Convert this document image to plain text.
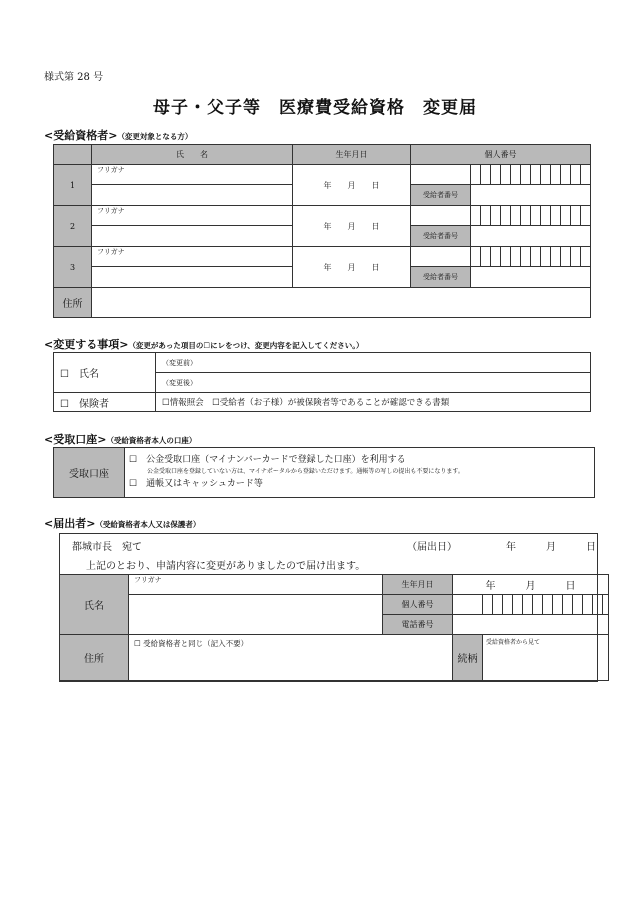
様式第 28 号
母子・父子等　医療費受給資格　変更届
<受給資格者>（変更対象となる方）
	氏　　名	生年月日	個人番号												
1	フリガナ	年　　月　　日													
			受給者番号												
2	フリガナ	年　　月　　日													
			受給者番号												
3	フリガナ	年　　月　　日													
			受給者番号												
住所															
<変更する事項>（変更があった項目の☐にレをつけ、変更内容を記入してください。）
☐　氏名	（変更前）
	（変更後）
☐　保険者	☐情報照会　☐受給者（お子様）が被保険者等であることが確認できる書類
<受取口座>（受給資格者本人の口座）
受取口座	
☐　公金受取口座（マイナンバーカードで登録した口座）を利用する
公金受取口座を登録していない方は、マイナポータルから登録いただけます。通帳等の写しの提出も不要になります。
☐　通帳又はキャッシュカード等
<届出者>（受給資格者本人又は保護者）
都城市長　宛て	（届出日）	年　　　月　　　日
上記のとおり、申請内容に変更がありましたので届け出ます。
氏名	フリガナ	生年月日	年　　　月　　　日													
		個人番号														
		電話番号														
住所	☐ 受給資格者と同じ（記入不要）		続柄	受給資格者から見て												
